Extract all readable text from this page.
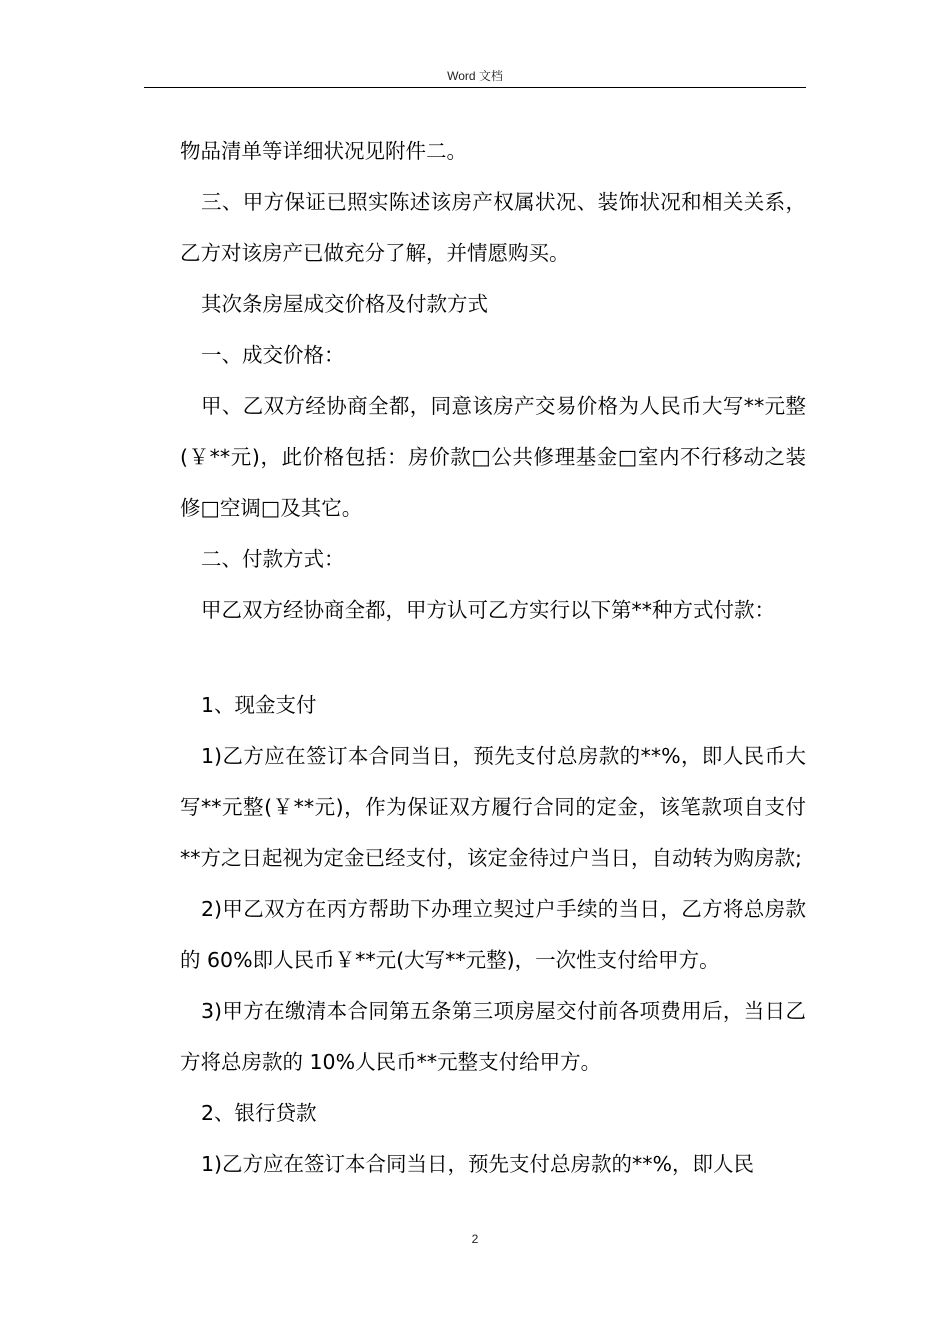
Word 文档

物品清单等详细状况见附件二。

三、甲方保证已照实陈述该房产权属状况、装饰状况和相关关系，乙方对该房产已做充分了解，并情愿购买。

其次条房屋成交价格及付款方式

一、成交价格：

甲、乙双方经协商全都，同意该房产交易价格为人民币大写**元整(￥**元)，此价格包括：房价款□公共修理基金□室内不行移动之装修□空调□及其它。

二、付款方式：

甲乙双方经协商全都，甲方认可乙方实行以下第**种方式付款：

1、现金支付

1)乙方应在签订本合同当日，预先支付总房款的**%，即人民币大写**元整(￥**元)，作为保证双方履行合同的定金，该笔款项自支付**方之日起视为定金已经支付，该定金待过户当日，自动转为购房款;

2)甲乙双方在丙方帮助下办理立契过户手续的当日，乙方将总房款的 60%即人民币￥**元(大写**元整)，一次性支付给甲方。

3)甲方在缴清本合同第五条第三项房屋交付前各项费用后，当日乙方将总房款的 10%人民币**元整支付给甲方。

2、银行贷款

1)乙方应在签订本合同当日，预先支付总房款的**%，即人民

2
